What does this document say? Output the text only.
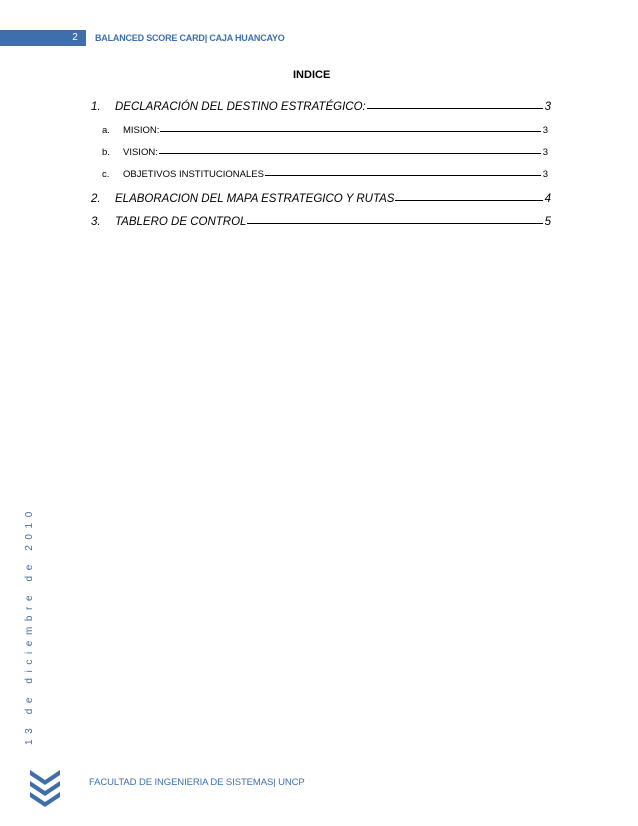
2	BALANCED SCORE CARD| CAJA HUANCAYO
INDICE
1.	DECLARACIÓN DEL DESTINO ESTRATÉGICO:	3
a.	MISION:	3
b.	VISION:	3
c.	OBJETIVOS INSTITUCIONALES	3
2.	ELABORACION DEL MAPA ESTRATEGICO Y RUTAS	4
3.	TABLERO DE CONTROL	5
13 de diciembre de 2010
FACULTAD DE INGENIERIA DE SISTEMAS| UNCP
